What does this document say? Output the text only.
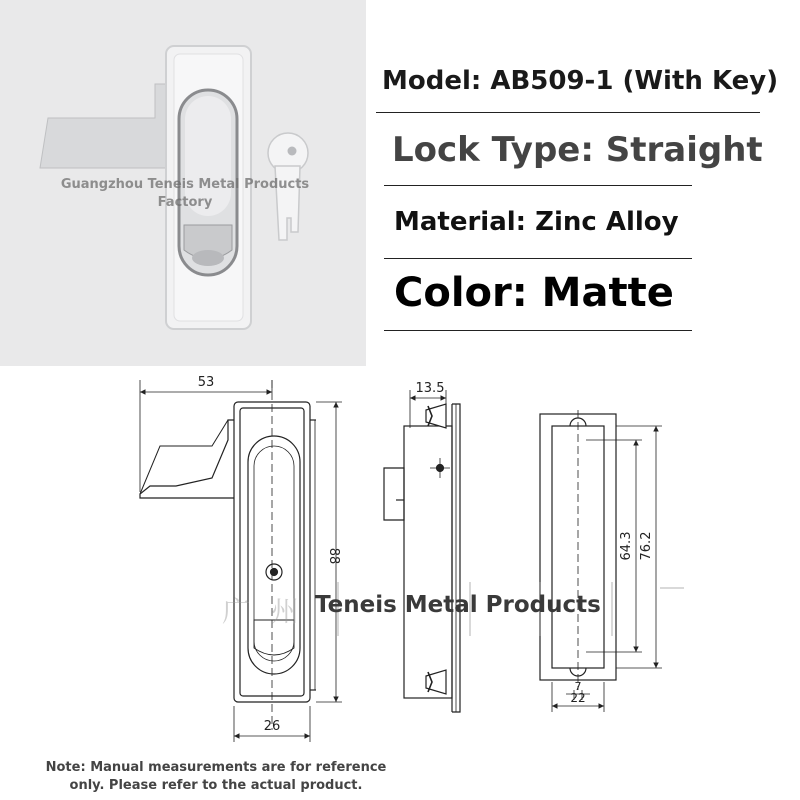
Guangzhou Teneis Metal Products
Factory
Model: AB509-1 (With Key)
Lock Type: Straight
Material: Zinc Alloy
Color: Matte
53
88
26
13.5
64.3 76.2
22
7
广 州 Teneis Metal Products
Note: Manual measurements are for reference
only. Please refer to the actual product.
